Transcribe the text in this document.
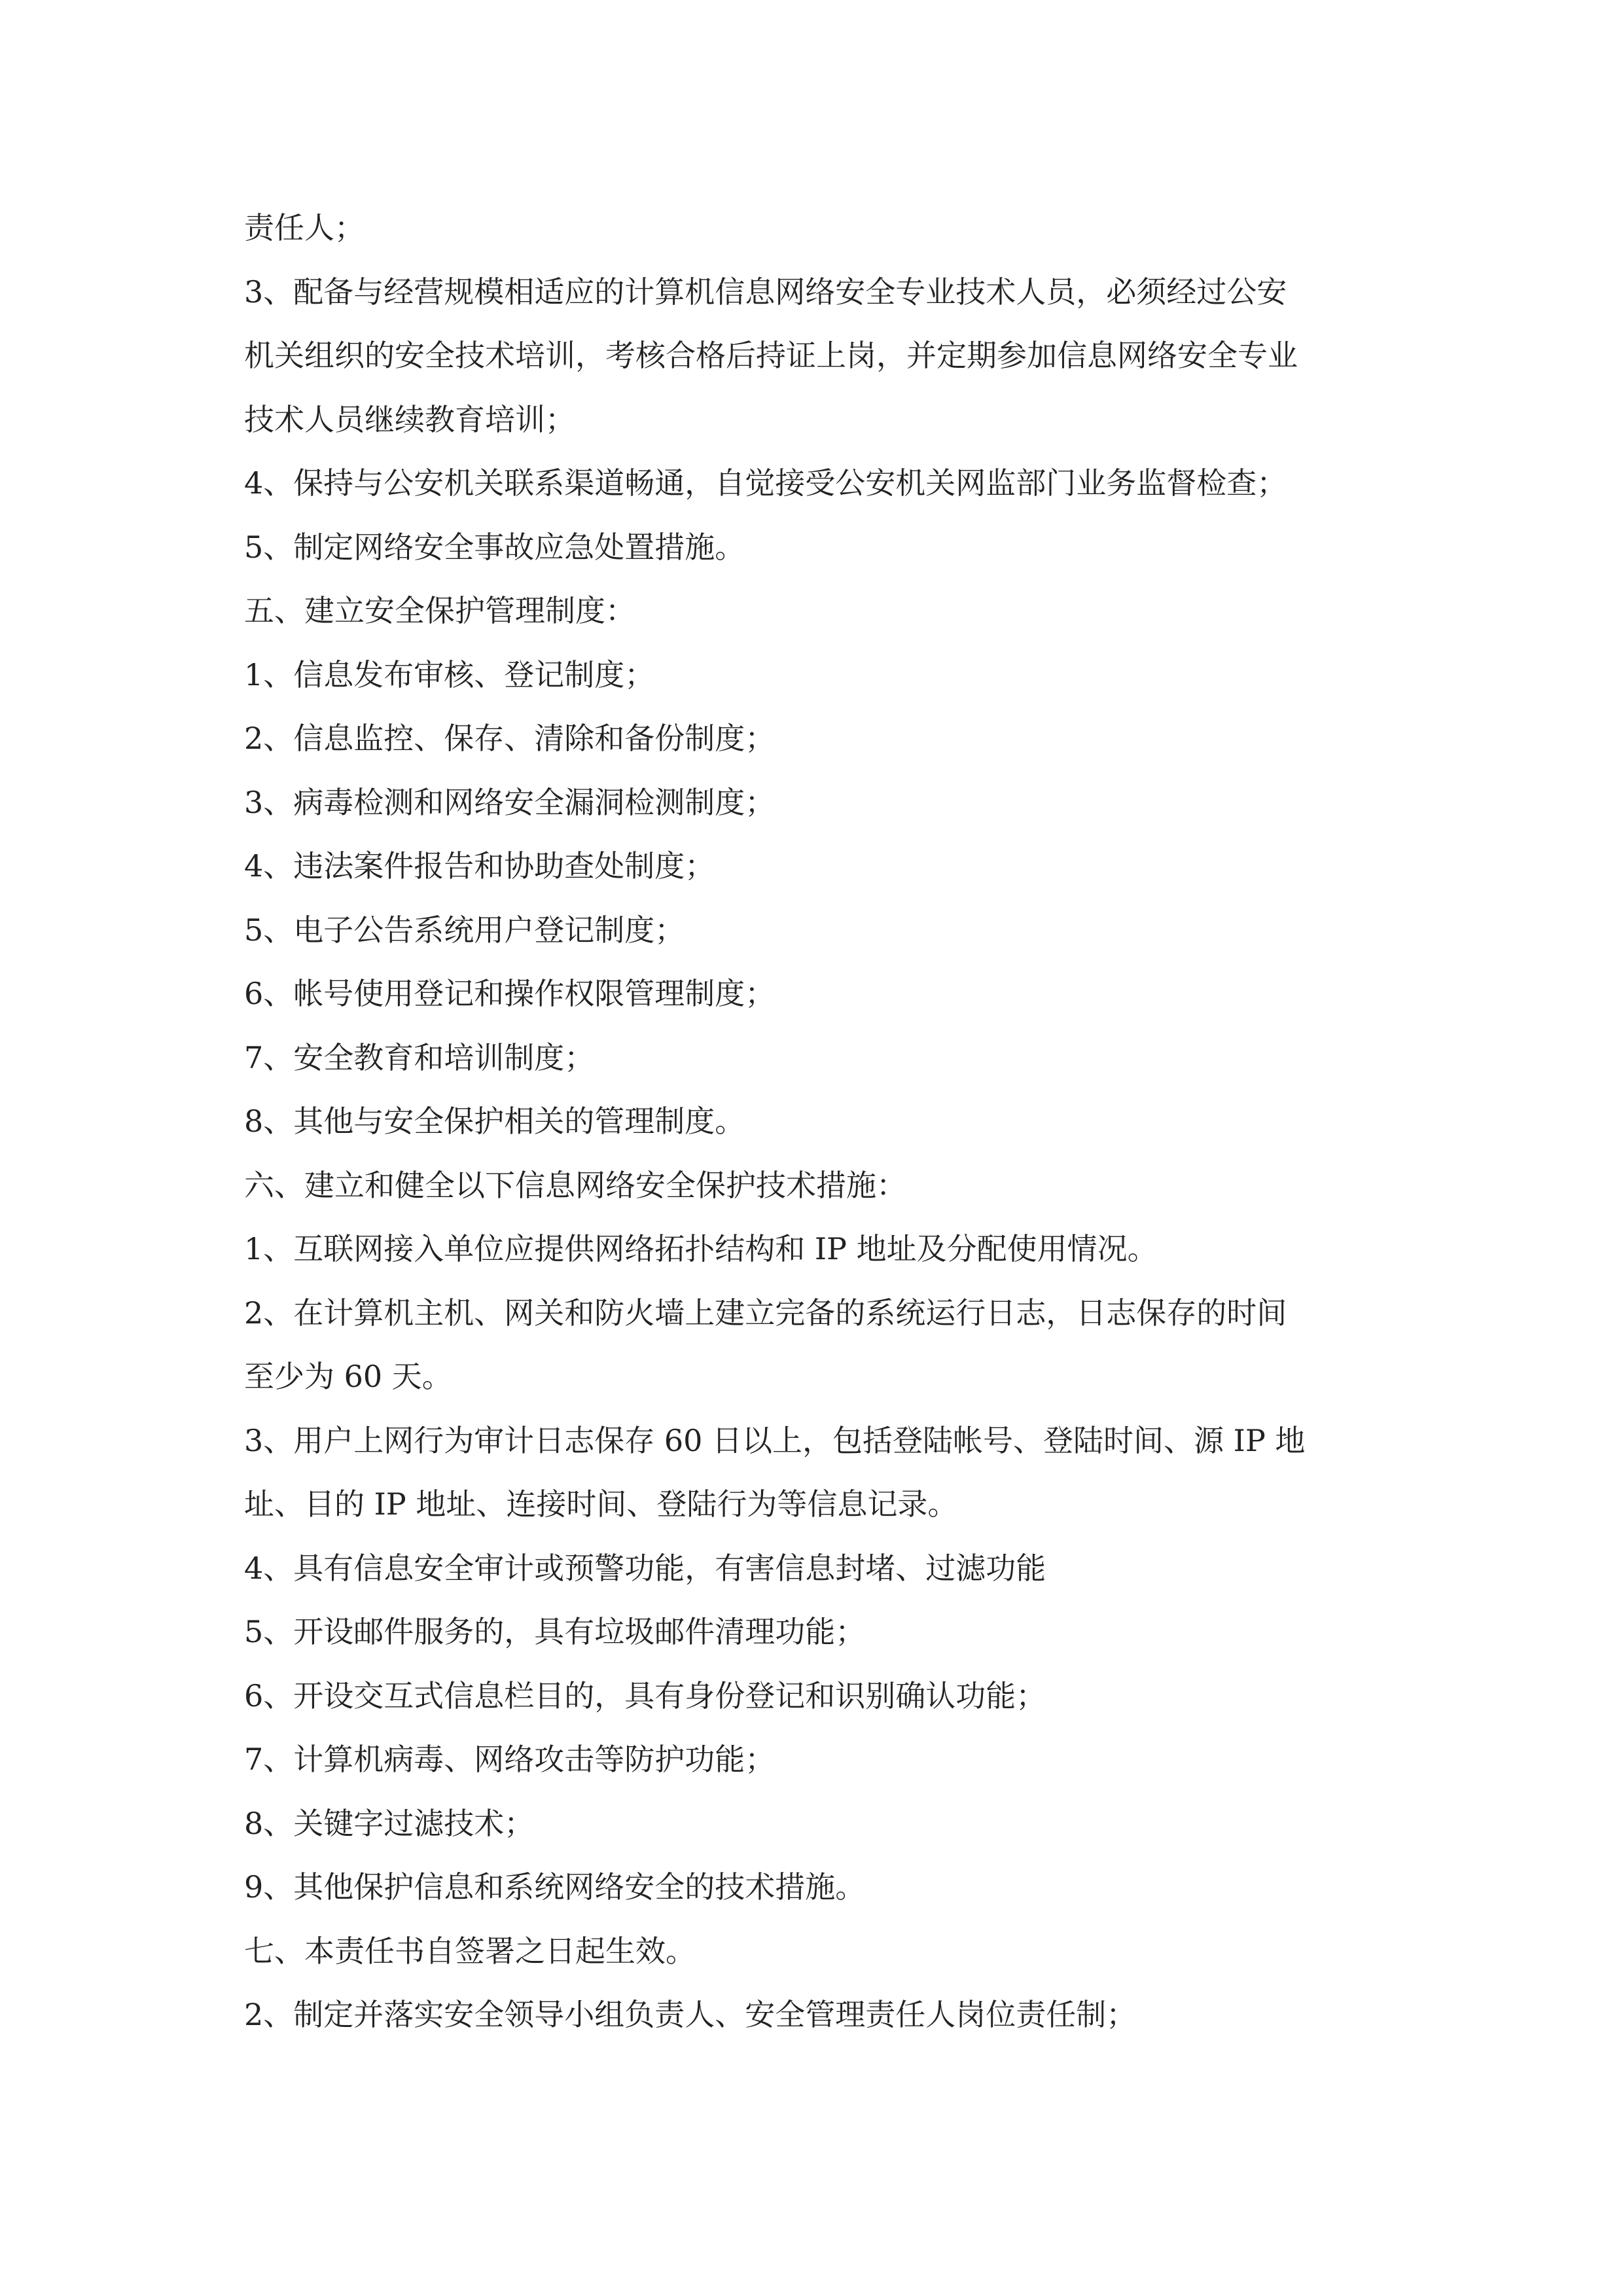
责任人；
3、配备与经营规模相适应的计算机信息网络安全专业技术人员，必须经过公安
机关组织的安全技术培训，考核合格后持证上岗，并定期参加信息网络安全专业
技术人员继续教育培训；
4、保持与公安机关联系渠道畅通，自觉接受公安机关网监部门业务监督检查；
5、制定网络安全事故应急处置措施。
五、建立安全保护管理制度：
1、信息发布审核、登记制度；
2、信息监控、保存、清除和备份制度；
3、病毒检测和网络安全漏洞检测制度；
4、违法案件报告和协助查处制度；
5、电子公告系统用户登记制度；
6、帐号使用登记和操作权限管理制度；
7、安全教育和培训制度；
8、其他与安全保护相关的管理制度。
六、建立和健全以下信息网络安全保护技术措施：
1、互联网接入单位应提供网络拓扑结构和 IP 地址及分配使用情况。
2、在计算机主机、网关和防火墙上建立完备的系统运行日志，日志保存的时间
至少为 60 天。
3、用户上网行为审计日志保存 60 日以上，包括登陆帐号、登陆时间、源 IP 地
址、目的 IP 地址、连接时间、登陆行为等信息记录。
4、具有信息安全审计或预警功能，有害信息封堵、过滤功能
5、开设邮件服务的，具有垃圾邮件清理功能；
6、开设交互式信息栏目的，具有身份登记和识别确认功能；
7、计算机病毒、网络攻击等防护功能；
8、关键字过滤技术；
9、其他保护信息和系统网络安全的技术措施。
七、本责任书自签署之日起生效。
2、制定并落实安全领导小组负责人、安全管理责任人岗位责任制；
